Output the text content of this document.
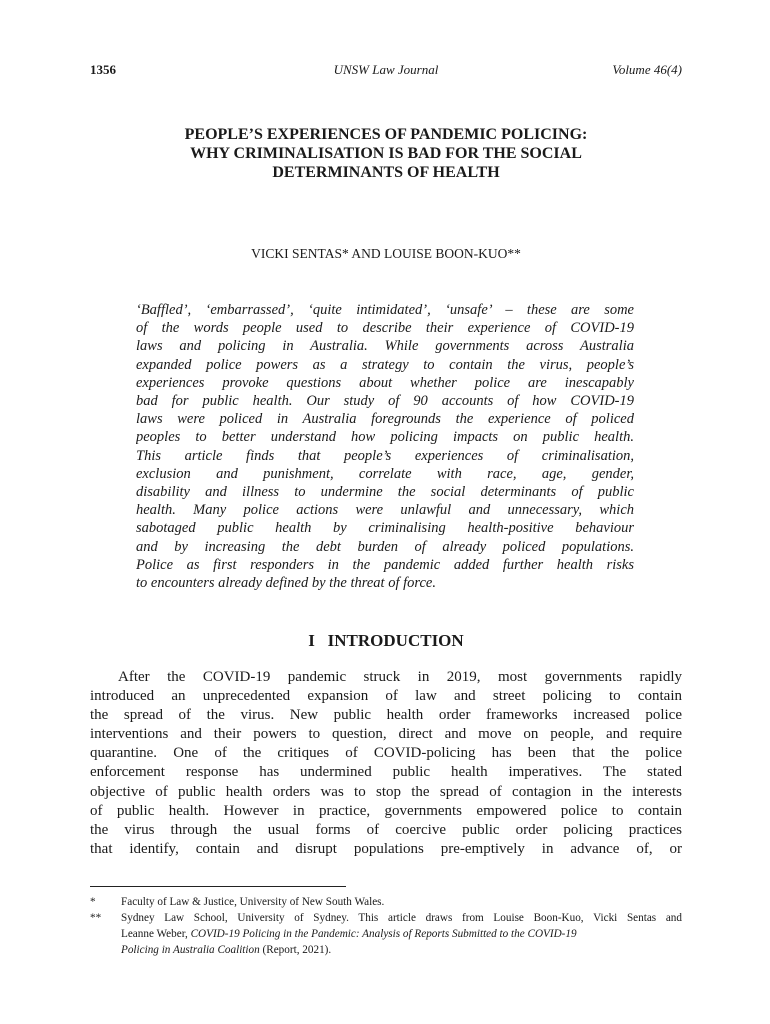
1356	UNSW Law Journal	Volume 46(4)
PEOPLE’S EXPERIENCES OF PANDEMIC POLICING:
WHY CRIMINALISATION IS BAD FOR THE SOCIAL
DETERMINANTS OF HEALTH
VICKI SENTAS* AND LOUISE BOON-KUO**
‘Baffled’, ‘embarrassed’, ‘quite intimidated’, ‘unsafe’ – these are some
of the words people used to describe their experience of COVID-19
laws and policing in Australia. While governments across Australia
expanded police powers as a strategy to contain the virus, people’s
experiences provoke questions about whether police are inescapably
bad for public health. Our study of 90 accounts of how COVID-19
laws were policed in Australia foregrounds the experience of policed
peoples to better understand how policing impacts on public health.
This article finds that people’s experiences of criminalisation,
exclusion and punishment, correlate with race, age, gender,
disability and illness to undermine the social determinants of public
health. Many police actions were unlawful and unnecessary, which
sabotaged public health by criminalising health-positive behaviour
and by increasing the debt burden of already policed populations.
Police as first responders in the pandemic added further health risks
to encounters already defined by the threat of force.
I   INTRODUCTION
After the COVID-19 pandemic struck in 2019, most governments rapidly
introduced an unprecedented expansion of law and street policing to contain
the spread of the virus. New public health order frameworks increased police
interventions and their powers to question, direct and move on people, and require
quarantine. One of the critiques of COVID-policing has been that the police
enforcement response has undermined public health imperatives. The stated
objective of public health orders was to stop the spread of contagion in the interests
of public health. However in practice, governments empowered police to contain
the virus through the usual forms of coercive public order policing practices
that identify, contain and disrupt populations pre-emptively in advance of, or
* Faculty of Law & Justice, University of New South Wales.
** Sydney Law School, University of Sydney. This article draws from Louise Boon-Kuo, Vicki Sentas and
Leanne Weber, COVID-19 Policing in the Pandemic: Analysis of Reports Submitted to the COVID-19
Policing in Australia Coalition (Report, 2021).
